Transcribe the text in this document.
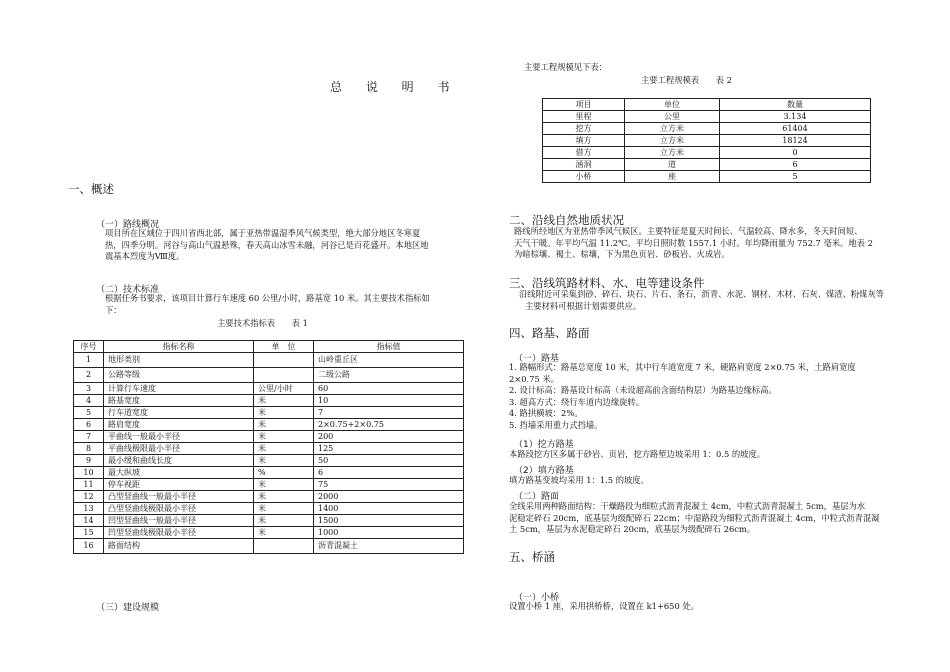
总 说 明 书
一、概述
（一）路线概况
项目所在区域位于四川省西北部，属于亚热带温湿季风气候类型，绝大部分地区冬寒夏
热，四季分明。河谷与高山气温悬殊，春天高山冰雪未融，河谷已是百花盛开。本地区地
震基本烈度为Ⅷ度。
（二）技术标准
根据任务书要求，该项目计算行车速度 60 公里/小时，路基宽 10 米。其主要技术指标如
下：
主要技术指标表　　表 1
序号	指标名称	单　位	指标值
1	地形类别		山岭重丘区
2	公路等级		二级公路
3	计算行车速度	公里/小时	60
4	路基宽度	米	10
5	行车道宽度	米	7
6	路肩宽度	米	2×0.75+2×0.75
7	平曲线一般最小半径	米	200
8	平曲线极限最小半径	米	125
9	最小缓和曲线长度	米	50
10	最大纵坡	%	6
11	停车视距	米	75
12	凸型竖曲线一般最小半径	米	2000
13	凸型竖曲线极限最小半径	米	1400
14	凹型竖曲线一般最小半径	米	1500
15	凹型竖曲线极限最小半径	米	1000
16	路面结构		沥青混凝土
（三）建设规模
主要工程规模见下表：
主要工程规模表　　表 2
项目	单位	数量
里程	公里	3.134
挖方	立方米	61404
填方	立方米	18124
借方	立方米	0
涵洞	道	6
小桥	座	5
二、沿线自然地质状况
路线所经地区为亚热带季风气候区。主要特征是夏天时间长、气温较高、降水多，冬天时间短、
天气干暖。年平均气温 11.2℃。平均日照时数 1557.1 小时。年均降雨量为 752.7 毫米。地表 2
为暗棕壤、褐土、棕壤，下为黑色页岩、砂板岩、火成岩。
三、沿线筑路材料、水、电等建设条件
沿线附近可采集到砂、碎石、块石、片石、条石，沥青、水泥、钢材、木材、石灰、煤渣、粉煤灰等
主要材料可根据计划需要供应。
四、路基、路面
（一）路基
1. 路幅形式：路基总宽度 10 米，其中行车道宽度 7 米，硬路肩宽度 2×0.75 米，土路肩宽度
2×0.75 米。
2. 设计标高：路基设计标高（未设超高前含面结构层）为路基边缘标高。
3. 超高方式：绕行车道内边缘旋转。
4. 路拱横坡：2%。
5. 挡墙采用重力式挡墙。
（1）挖方路基
本路段挖方区多属于砂岩、页岩，挖方路堑边坡采用 1：0.5 的坡度。
（2）填方路基
填方路基变坡均采用 1：1.5 的坡度。
（二）路面
全线采用两种路面结构：干燥路段为细粒式沥青混凝土 4cm，中粒式沥青混凝土 5cm，基层为水
泥稳定碎石 20cm，底基层为级配碎石 22cm；中湿路段为细粒式沥青混凝土 4cm，中粒式沥青混凝
土 5cm，基层为水泥稳定碎石 20cm，底基层为级配碎石 26cm。
五、桥涵
（一）小桥
设置小桥 1 座，采用拱桥桥，设置在 k1+650 处。
